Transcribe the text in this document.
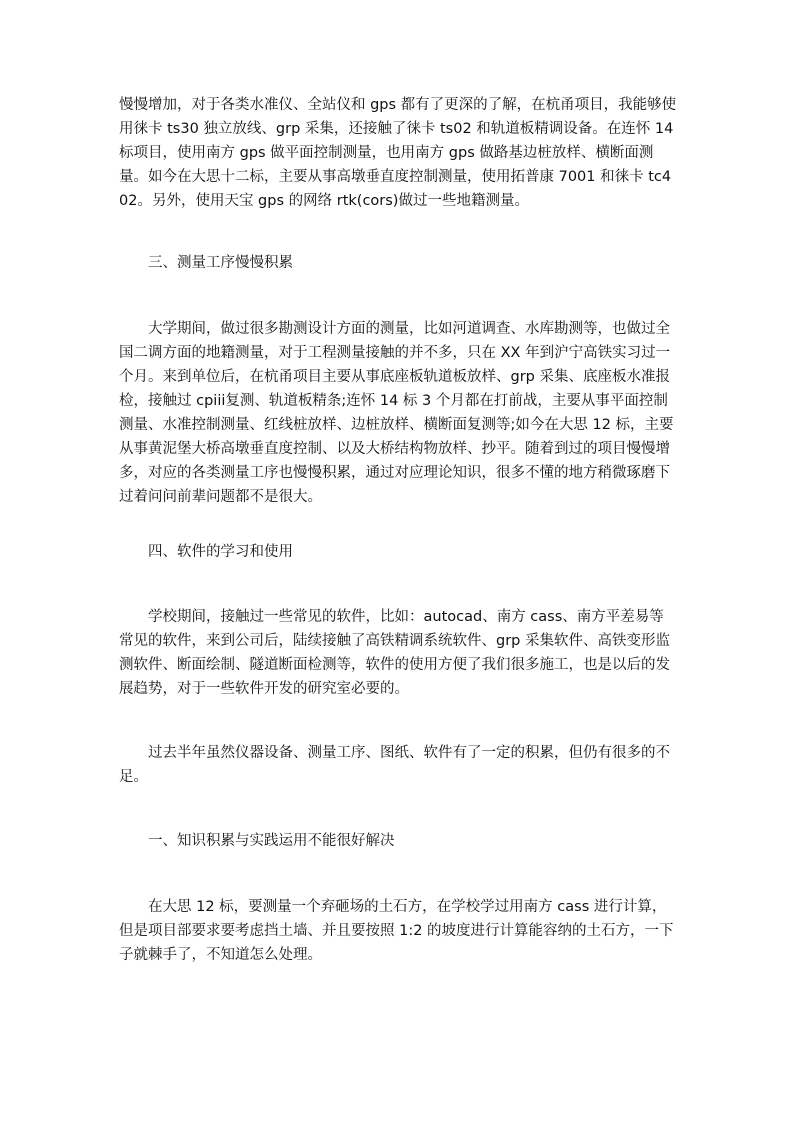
慢慢增加，对于各类水准仪、全站仪和 gps 都有了更深的了解，在杭甬项目，我能够使用徕卡 ts30 独立放线、grp 采集，还接触了徕卡 ts02 和轨道板精调设备。在连怀 14 标项目，使用南方 gps 做平面控制测量，也用南方 gps 做路基边桩放样、横断面测量。如今在大思十二标，主要从事高墩垂直度控制测量，使用拓普康 7001 和徕卡 tc402。另外，使用天宝 gps 的网络 rtk(cors)做过一些地籍测量。

三、测量工序慢慢积累

大学期间，做过很多勘测设计方面的测量，比如河道调查、水库勘测等，也做过全国二调方面的地籍测量，对于工程测量接触的并不多，只在 XX 年到沪宁高铁实习过一个月。来到单位后，在杭甬项目主要从事底座板轨道板放样、grp 采集、底座板水准报检，接触过 cpiii复测、轨道板精条;连怀 14 标 3 个月都在打前战，主要从事平面控制测量、水准控制测量、红线桩放样、边桩放样、横断面复测等;如今在大思 12 标，主要从事黄泥堡大桥高墩垂直度控制、以及大桥结构物放样、抄平。随着到过的项目慢慢增多，对应的各类测量工序也慢慢积累，通过对应理论知识，很多不懂的地方稍微琢磨下过着问问前辈问题都不是很大。

四、软件的学习和使用

学校期间，接触过一些常见的软件，比如：autocad、南方 cass、南方平差易等常见的软件，来到公司后，陆续接触了高铁精调系统软件、grp 采集软件、高铁变形监测软件、断面绘制、隧道断面检测等，软件的使用方便了我们很多施工，也是以后的发展趋势，对于一些软件开发的研究室必要的。

过去半年虽然仪器设备、测量工序、图纸、软件有了一定的积累，但仍有很多的不足。

一、知识积累与实践运用不能很好解决

在大思 12 标，要测量一个弃砸场的土石方，在学校学过用南方 cass 进行计算，但是项目部要求要考虑挡土墙、并且要按照 1:2 的坡度进行计算能容纳的土石方，一下子就棘手了，不知道怎么处理。
